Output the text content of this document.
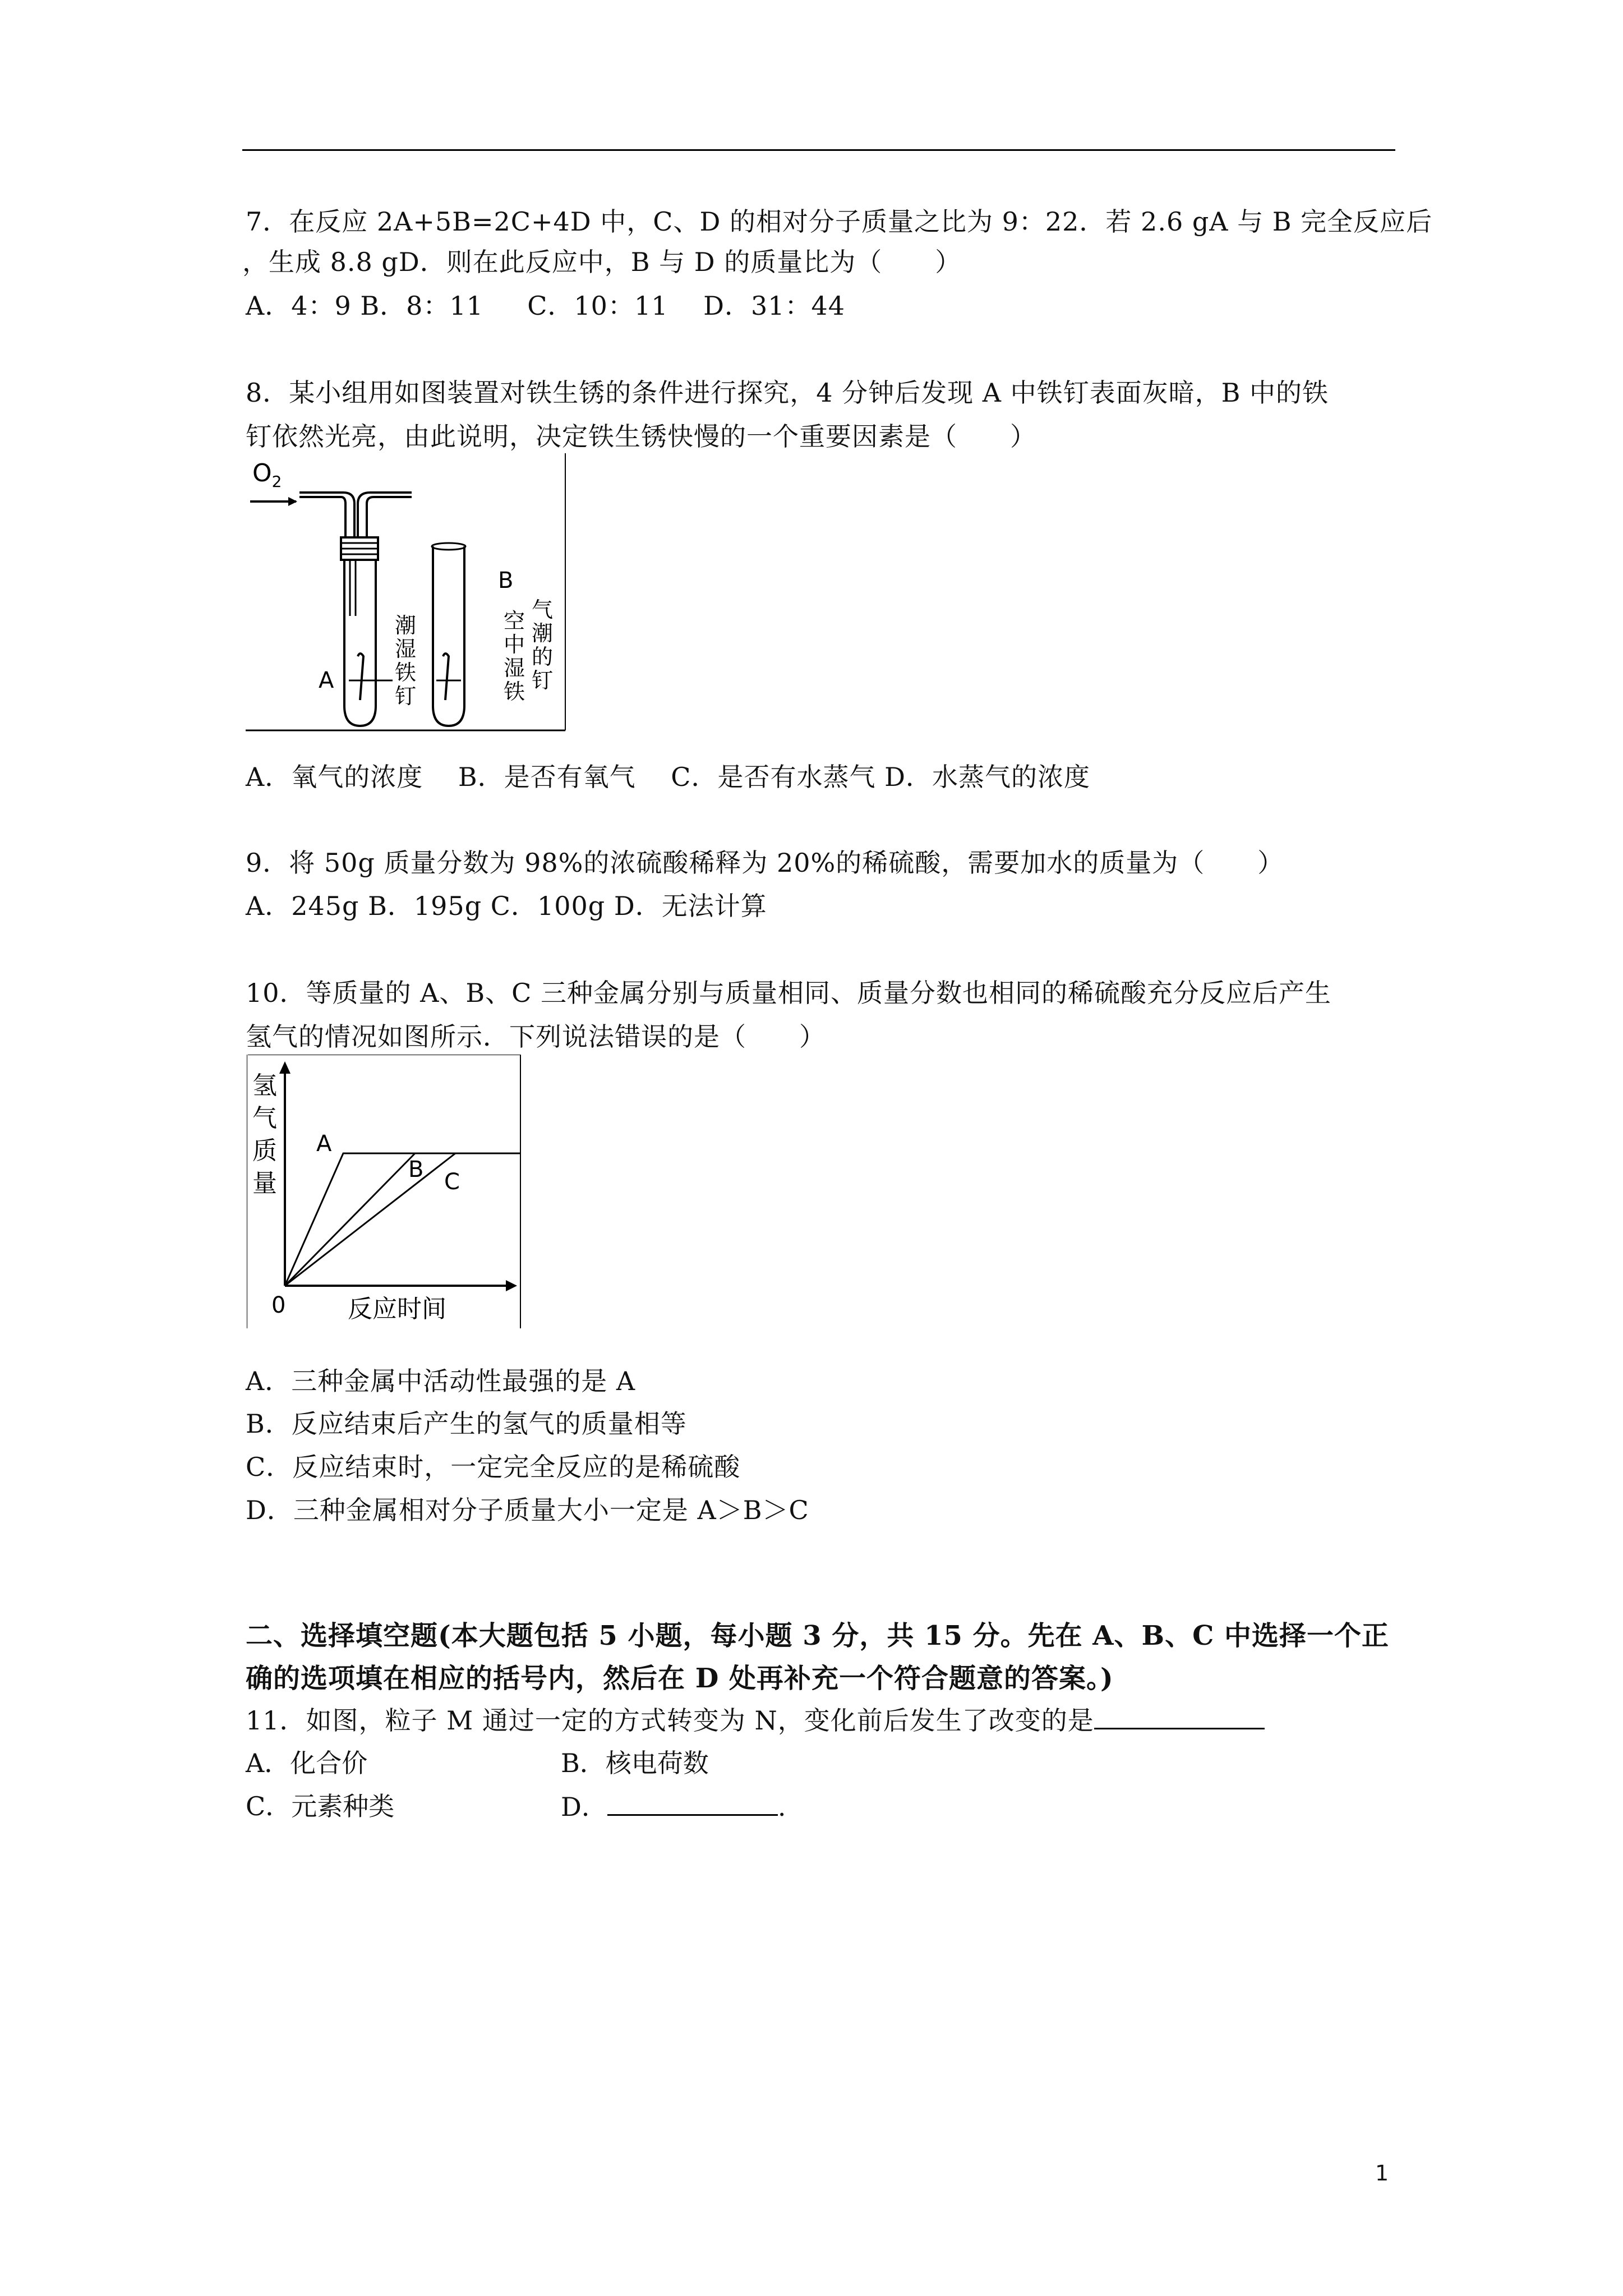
7．在反应 2A+5B=2C+4D 中，C、D 的相对分子质量之比为 9：22．若 2.6 gA 与 B 完全反应后
，生成 8.8 gD．则在此反应中，B 与 D 的质量比为（　　）
A．4：9 B．8：11 　 C．10：11 　D．31：44
8．某小组用如图装置对铁生锈的条件进行探究，4 分钟后发现 A 中铁钉表面灰暗，B 中的铁
钉依然光亮，由此说明，决定铁生锈快慢的一个重要因素是（　　）
$O_2$
A
潮
湿
铁
钉
B
空
中
湿
铁
气
潮
的
钉
A．氧气的浓度　 B．是否有氧气　 C．是否有水蒸气 D．水蒸气的浓度
9．将 50g 质量分数为 98%的浓硫酸稀释为 20%的稀硫酸，需要加水的质量为（　　）
A．245g B．195g C．100g D．无法计算
10．等质量的 A、B、C 三种金属分别与质量相同、质量分数也相同的稀硫酸充分反应后产生
氢气的情况如图所示．下列说法错误的是（　　）
氢
气
质
量
0	反应时间
A
B C
A．三种金属中活动性最强的是 A
B．反应结束后产生的氢气的质量相等
C．反应结束时，一定完全反应的是稀硫酸
D．三种金属相对分子质量大小一定是 A＞B＞C
二、选择填空题(本大题包括 5 小题，每小题 3 分，共 15 分。先在 A、B、C 中选择一个正
确的选项填在相应的括号内，然后在 D 处再补充一个符合题意的答案。)
11．如图，粒子 M 通过一定的方式转变为 N，变化前后发生了改变的是
A．化合价	B．核电荷数
C．元素种类	D．	.
1
